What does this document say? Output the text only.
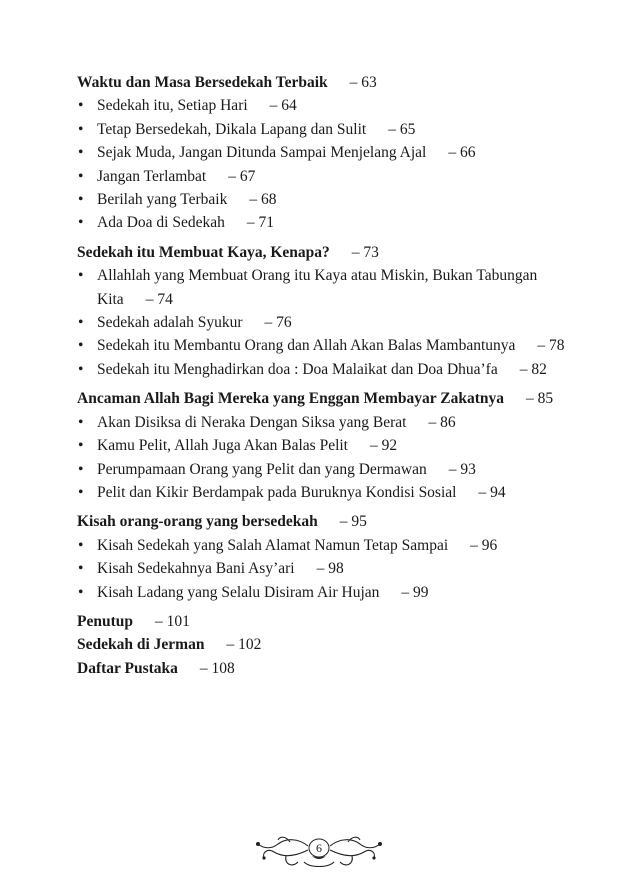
Waktu dan Masa Bersedekah Terbaik – 63
• Sedekah itu, Setiap Hari – 64
• Tetap Bersedekah, Dikala Lapang dan Sulit – 65
• Sejak Muda, Jangan Ditunda Sampai Menjelang Ajal – 66
• Jangan Terlambat – 67
• Berilah yang Terbaik – 68
• Ada Doa di Sedekah – 71
Sedekah itu Membuat Kaya, Kenapa? – 73
• Allahlah yang Membuat Orang itu Kaya atau Miskin, Bukan Tabungan Kita – 74
• Sedekah adalah Syukur – 76
• Sedekah itu Membantu Orang dan Allah Akan Balas Mambantunya – 78
• Sedekah itu Menghadirkan doa : Doa Malaikat dan Doa Dhua’fa – 82
Ancaman Allah Bagi Mereka yang Enggan Membayar Zakatnya – 85
• Akan Disiksa di Neraka Dengan Siksa yang Berat – 86
• Kamu Pelit, Allah Juga Akan Balas Pelit – 92
• Perumpamaan Orang yang Pelit dan yang Dermawan – 93
• Pelit dan Kikir Berdampak pada Buruknya Kondisi Sosial – 94
Kisah orang-orang yang bersedekah – 95
• Kisah Sedekah yang Salah Alamat Namun Tetap Sampai – 96
• Kisah Sedekahnya Bani Asy’ari – 98
• Kisah Ladang yang Selalu Disiram Air Hujan – 99
Penutup – 101
Sedekah di Jerman – 102
Daftar Pustaka – 108
6
